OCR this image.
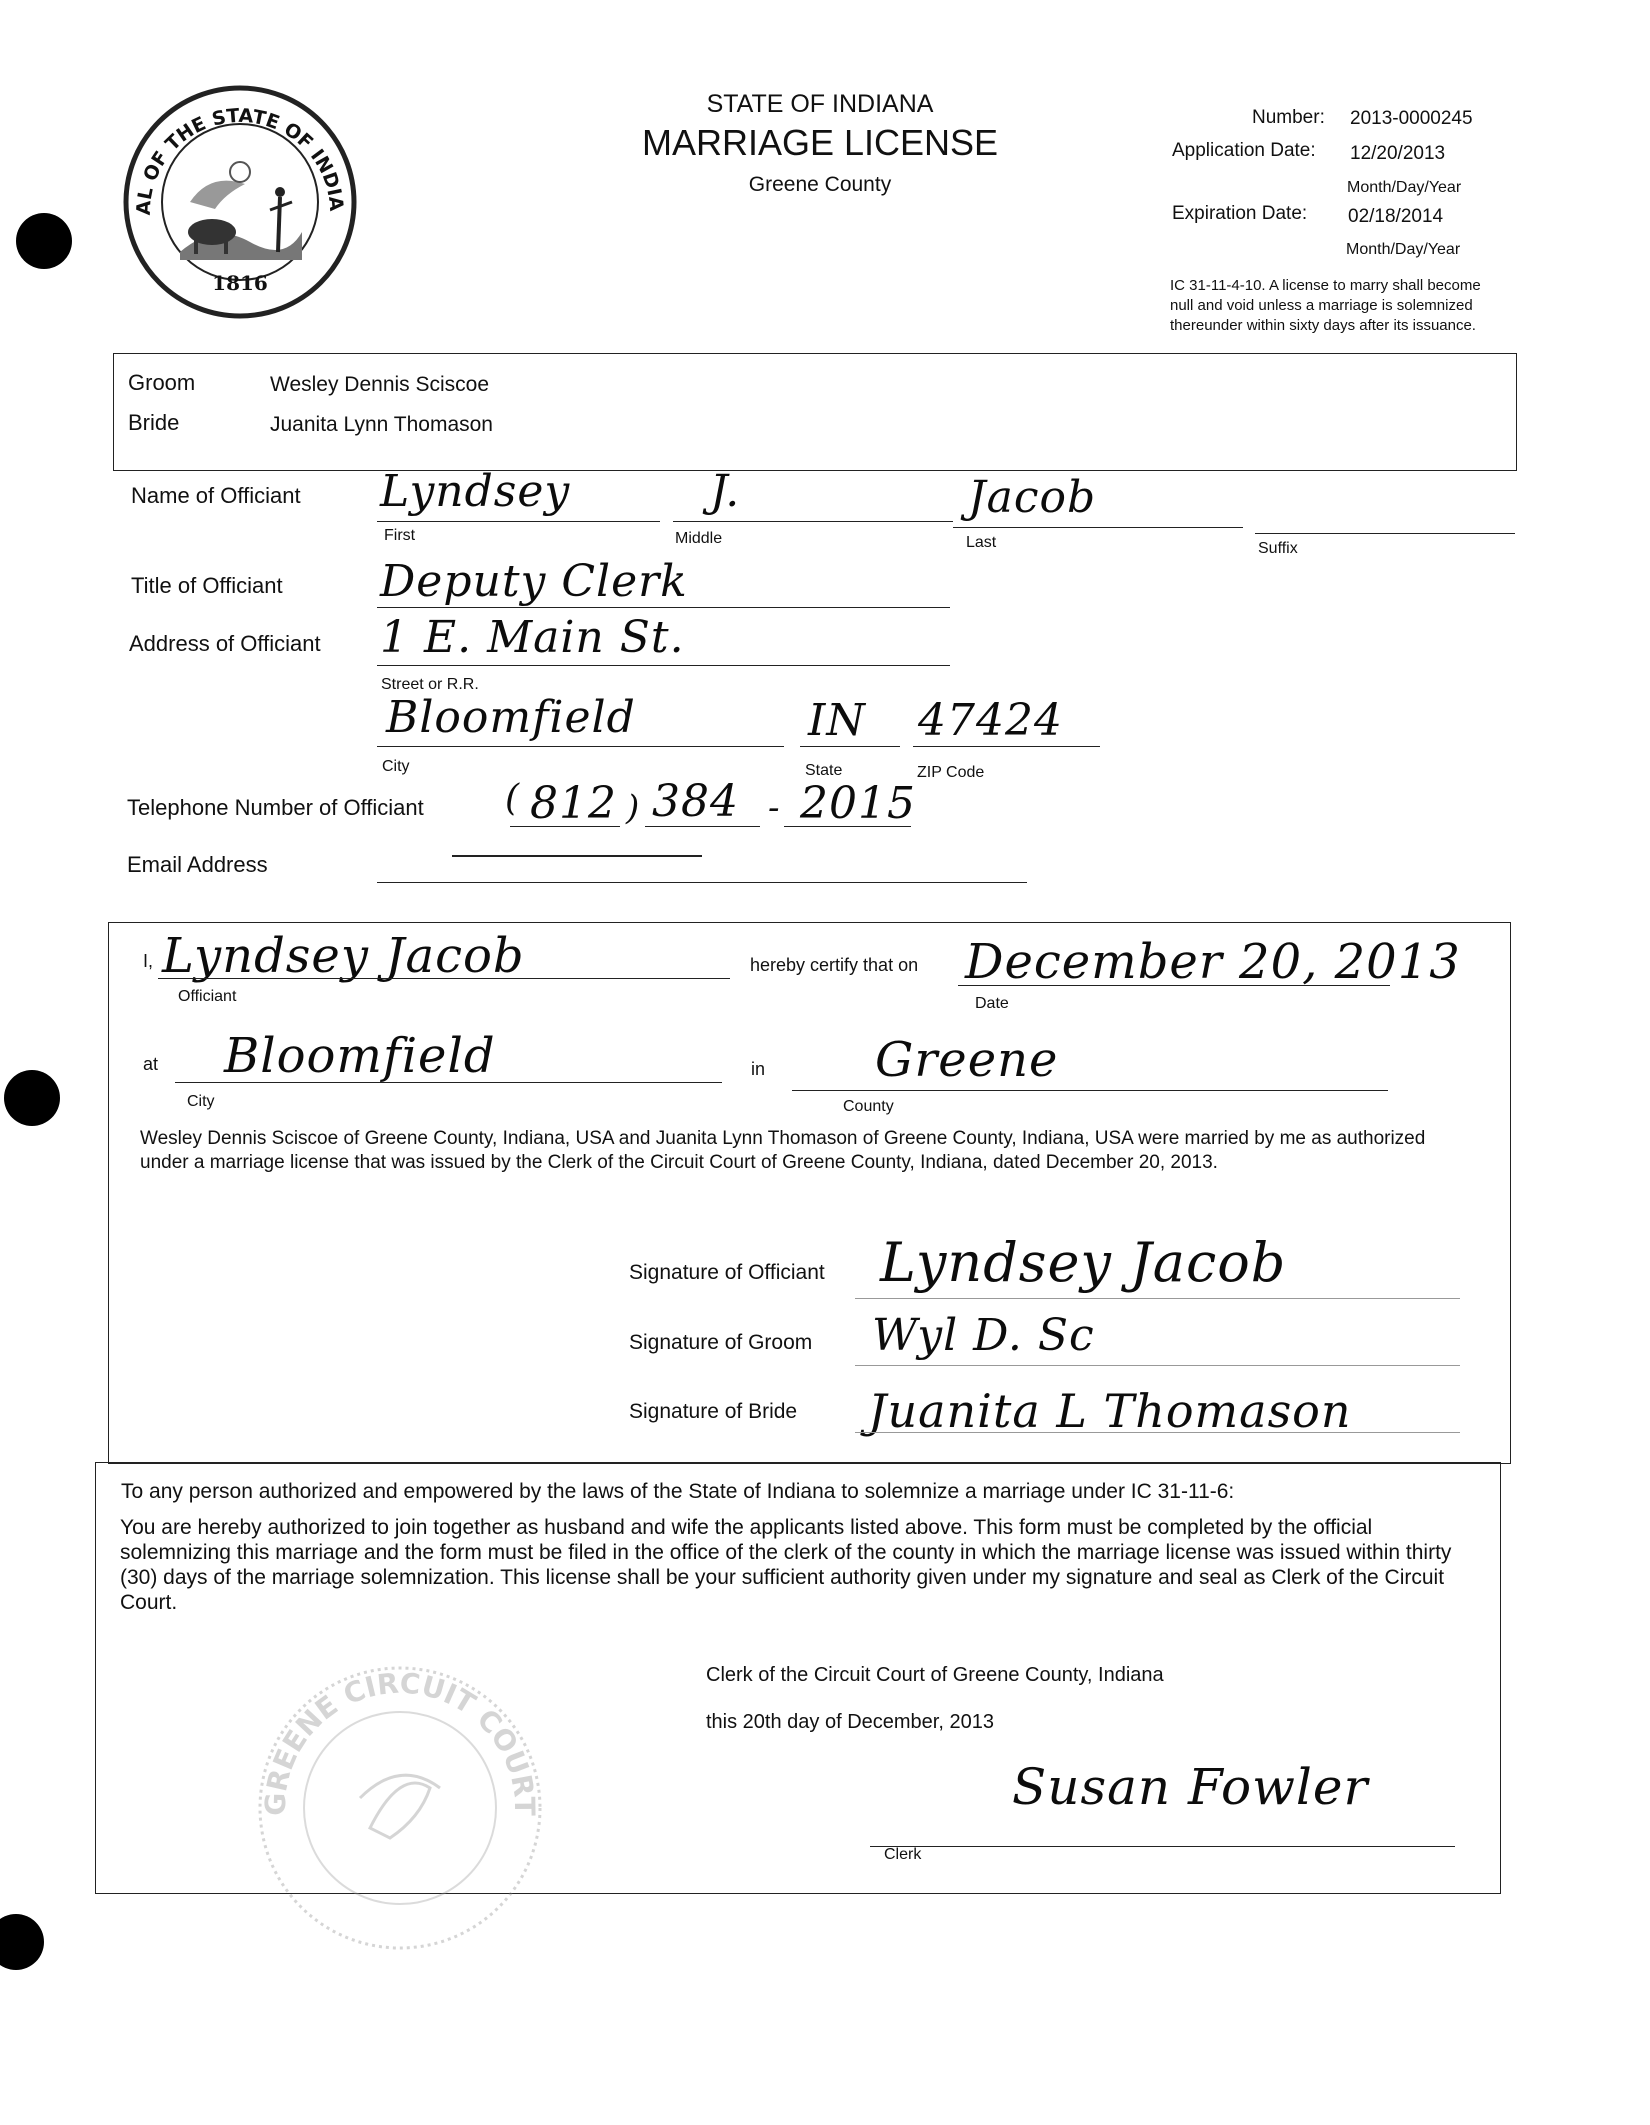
AL OF THE STATE OF INDIA
1816
STATE OF INDIANA
MARRIAGE LICENSE
Greene County
Number: 2013-0000245
Application Date: 12/20/2013
Month/Day/Year
Expiration Date: 02/18/2014
Month/Day/Year
IC 31-11-4-10. A license to marry shall become null and void unless a marriage is solemnized thereunder within sixty days after its issuance.
Groom	Wesley Dennis Sciscoe
Bride	Juanita Lynn Thomason
Name of Officiant Lyndsey
First
J.
Middle
Jacob
Last	Suffix
Title of Officiant Deputy Clerk
Address of Officiant 1 E. Main St.
Street or R.R.
Bloomfield
City
IN
State
47424
ZIP Code
Telephone Number of Officiant ( 812 ) 384 - 2015
Email Address
I, Lyndsey Jacob
Officiant
hereby certify that on December 20, 2013
Date
at Bloomfield
City
in Greene
County
Wesley Dennis Sciscoe of Greene County, Indiana, USA and Juanita Lynn Thomason of Greene County, Indiana, USA were married by me as authorized under a marriage license that was issued by the Clerk of the Circuit Court of Greene County, Indiana, dated December 20, 2013.
Signature of Officiant Lyndsey Jacob
Signature of Groom Wyl D. Sc
Signature of Bride Juanita L Thomason
To any person authorized and empowered by the laws of the State of Indiana to solemnize a marriage under IC 31-11-6:
You are hereby authorized to join together as husband and wife the applicants listed above. This form must be completed by the official solemnizing this marriage and the form must be filed in the office of the clerk of the county in which the marriage license was issued within thirty (30) days of the marriage solemnization. This license shall be your sufficient authority given under my signature and seal as Clerk of the Circuit Court.
Clerk of the Circuit Court of Greene County, Indiana
this 20th day of December, 2013
Susan Fowler
Clerk
GREENE CIRCUIT COURT
